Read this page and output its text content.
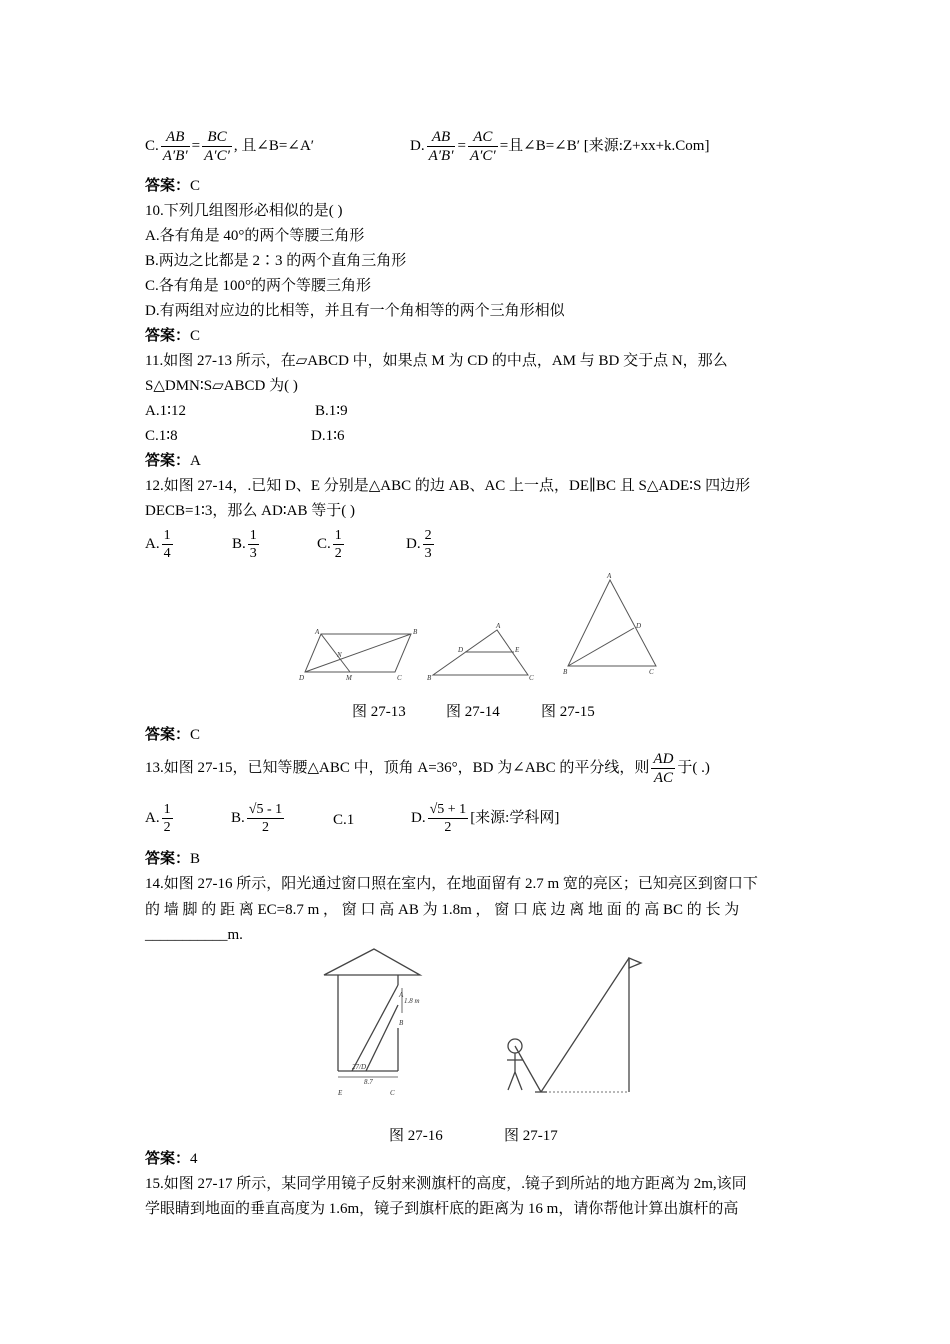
C. $\frac{AB}{A'B'} = \frac{BC}{A'C'}$ , 且∠B=∠A′	D. $\frac{AB}{A'B'} = \frac{AC}{A'C'}$ =且∠B=∠B′ [来源:Z+xx+k.Com]
答案：C
10.下列几组图形必相似的是( )
A.各有角是 40°的两个等腰三角形
B.两边之比都是 2∶3 的两个直角三角形
C.各有角是 100°的两个等腰三角形
D.有两组对应边的比相等，并且有一个角相等的两个三角形相似
答案：C
11.如图 27-13 所示，在▱ABCD 中，如果点 M 为 CD 的中点，AM 与 BD 交于点 N，那么
S△DMN∶S▱ABCD 为( )
A.1∶12	B.1∶9
C.1∶8	D.1∶6
答案：A
12.如图 27-14，.已知 D、E 分别是△ABC 的边 AB、AC 上一点，DE∥BC 且 S△ADE∶S 四边形
DECB=1∶3，那么 AD∶AB 等于( )
A. $\frac{1}{4}$	B. $\frac{1}{3}$	C. $\frac{1}{2}$	D. $\frac{2}{3}$
A	B
D	C
M
N
A
B	C
D	E
A
B	C
D
图 27-13	图 27-14	图 27-15
答案：C
13.如图 27-15，已知等腰△ABC 中，顶角 A=36°，BD 为∠ABC 的平分线，则 $\frac{AD}{AC}$ 于( .)
A. $\frac{1}{2}$	B. $\frac{√5 - 1}{2}$	C.1	D. $\frac{√5 + 1}{2}$ [来源:学科网]
答案：B
14.如图 27-16 所示，阳光通过窗口照在室内，在地面留有 2.7 m 宽的亮区；已知亮区到窗口下
的 墙 脚 的 距 离 EC=8.7 m ， 窗 口 高 AB 为 1.8m ， 窗 口 底 边 离 地 面 的 高 BC 的 长 为
___________m.
A
B
E	C
1.8 m
8.7
27/D
图 27-16	图 27-17
答案：4
15.如图 27-17 所示，某同学用镜子反射来测旗杆的高度，.镜子到所站的地方距离为 2m,该同
学眼睛到地面的垂直高度为 1.6m，镜子到旗杆底的距离为 16 m，请你帮他计算出旗杆的高
